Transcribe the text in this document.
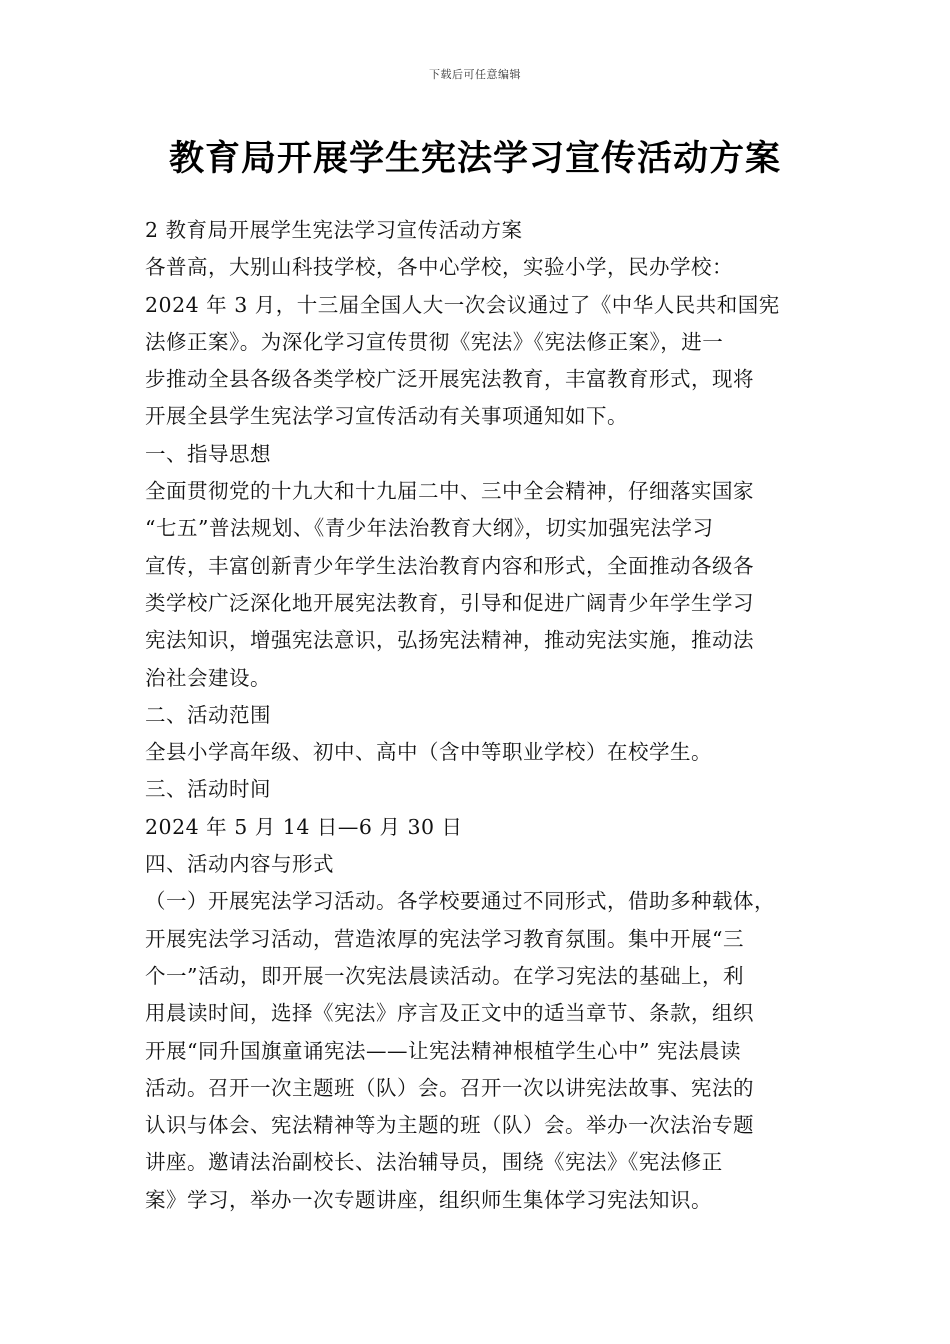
下载后可任意编辑
教育局开展学生宪法学习宣传活动方案
2 教育局开展学生宪法学习宣传活动方案
各普高，大别山科技学校，各中心学校，实验小学，民办学校：
2024 年 3 月，十三届全国人大一次会议通过了《中华人民共和国宪
法修正案》。为深化学习宣传贯彻《宪法》《宪法修正案》，进一
步推动全县各级各类学校广泛开展宪法教育，丰富教育形式，现将
开展全县学生宪法学习宣传活动有关事项通知如下。
一、指导思想
全面贯彻党的十九大和十九届二中、三中全会精神，仔细落实国家
“七五”普法规划、《青少年法治教育大纲》，切实加强宪法学习
宣传，丰富创新青少年学生法治教育内容和形式，全面推动各级各
类学校广泛深化地开展宪法教育，引导和促进广阔青少年学生学习
宪法知识，增强宪法意识，弘扬宪法精神，推动宪法实施，推动法
治社会建设。
二、活动范围
全县小学高年级、初中、高中（含中等职业学校）在校学生。
三、活动时间
2024 年 5 月 14 日—6 月 30 日
四、活动内容与形式
（一）开展宪法学习活动。各学校要通过不同形式，借助多种载体，
开展宪法学习活动，营造浓厚的宪法学习教育氛围。集中开展“三
个一”活动，即开展一次宪法晨读活动。在学习宪法的基础上，利
用晨读时间，选择《宪法》序言及正文中的适当章节、条款，组织
开展“同升国旗童诵宪法——让宪法精神根植学生心中” 宪法晨读
活动。召开一次主题班（队）会。召开一次以讲宪法故事、宪法的
认识与体会、宪法精神等为主题的班（队）会。举办一次法治专题
讲座。邀请法治副校长、法治辅导员，围绕《宪法》《宪法修正
案》学习，举办一次专题讲座，组织师生集体学习宪法知识。
